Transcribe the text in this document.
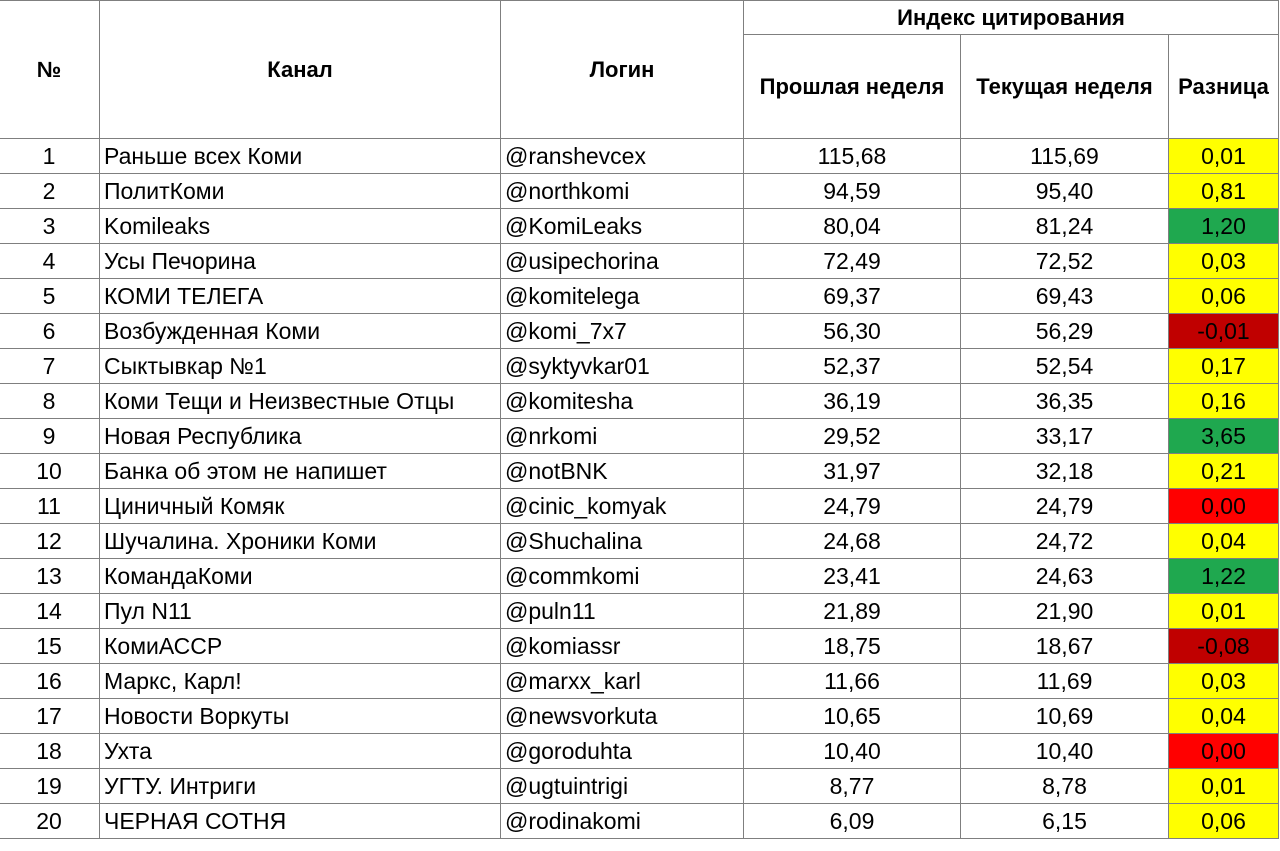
№	Канал	Логин	Индекс цитирования		
			Прошлая неделя	Текущая неделя	Разница
1	Раньше всех Коми	@ranshevcex	115,68	115,69	0,01
2	ПолитКоми	@northkomi	94,59	95,40	0,81
3	Komileaks	@KomiLeaks	80,04	81,24	1,20
4	Усы Печорина	@usipechorina	72,49	72,52	0,03
5	КОМИ ТЕЛЕГА	@komitelega	69,37	69,43	0,06
6	Возбужденная Коми	@komi_7x7	56,30	56,29	-0,01
7	Сыктывкар №1	@syktyvkar01	52,37	52,54	0,17
8	Коми Тещи и Неизвестные Отцы	@komitesha	36,19	36,35	0,16
9	Новая Республика	@nrkomi	29,52	33,17	3,65
10	Банка об этом не напишет	@notBNK	31,97	32,18	0,21
11	Циничный Комяк	@cinic_komyak	24,79	24,79	0,00
12	Шучалина. Хроники Коми	@Shuchalina	24,68	24,72	0,04
13	КомандаКоми	@commkomi	23,41	24,63	1,22
14	Пул N11	@puln11	21,89	21,90	0,01
15	КомиАССР	@komiassr	18,75	18,67	-0,08
16	Маркс, Карл!	@marxx_karl	11,66	11,69	0,03
17	Новости Воркуты	@newsvorkuta	10,65	10,69	0,04
18	Ухта	@goroduhta	10,40	10,40	0,00
19	УГТУ. Интриги	@ugtuintrigi	8,77	8,78	0,01
20	ЧЕРНАЯ СОТНЯ	@rodinakomi	6,09	6,15	0,06
